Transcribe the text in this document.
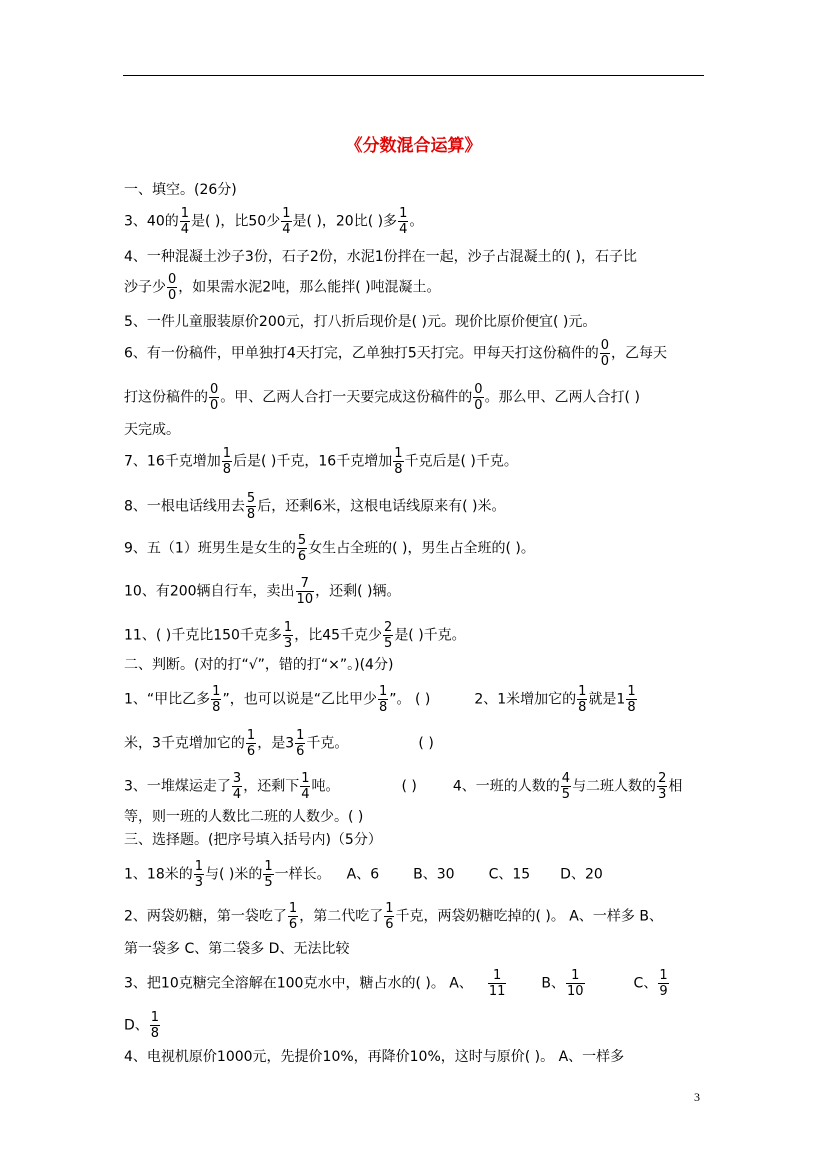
《分数混合运算》
一、填空。(26分)
3、40的 $\frac{1}{4}$ 是( )，比50少 $\frac{1}{4}$ 是( )，20比( )多 $\frac{1}{4}$ 。
4、一种混凝土沙子3份，石子2份，水泥1份拌在一起，沙子占混凝土的( )，石子比
沙子少 $\frac{0}{0}$ ，如果需水泥2吨，那么能拌( )吨混凝土。
5、一件儿童服装原价200元，打八折后现价是( )元。现价比原价便宜( )元。
6、有一份稿件，甲单独打4天打完，乙单独打5天打完。甲每天打这份稿件的 $\frac{0}{0}$ ，乙每天
打这份稿件的 $\frac{0}{0}$ 。甲、乙两人合打一天要完成这份稿件的 $\frac{0}{0}$ 。那么甲、乙两人合打( )
天完成。
7、16千克增加 $\frac{1}{8}$ 后是( )千克，16千克增加 $\frac{1}{8}$ 千克后是( )千克。
8、一根电话线用去 $\frac{5}{8}$ 后，还剩6米，这根电话线原来有( )米。
9、五（1）班男生是女生的 $\frac{5}{6}$ 女生占全班的( )，男生占全班的( )。
10、有200辆自行车，卖出 $\frac{7}{10}$ ，还剩( )辆。
11、( )千克比150千克多 $\frac{1}{3}$ ，比45千克少 $\frac{2}{5}$ 是( )千克。
二、判断。(对的打“√”，错的打“×”。)(4分)
1、“甲比乙多 $\frac{1}{8}$ ”，也可以说是“乙比甲少 $\frac{1}{8}$ ”。 ( )	2、1米增加它的 $\frac{1}{8}$ 就是$1 \frac{1}{8}$
米，3千克增加它的 $\frac{1}{6}$ ，是$3 \frac{1}{6}$ 千克。	( )
3、一堆煤运走了 $\frac{3}{4}$ ，还剩下 $\frac{1}{4}$ 吨。	( )	4、一班的人数的 $\frac{4}{5}$ 与二班人数的 $\frac{2}{3}$ 相
等，则一班的人数比二班的人数少。( )
三、选择题。(把序号填入括号内)（5分）
1、18米的 $\frac{1}{3}$ 与( )米的 $\frac{1}{5}$ 一样长。 A、6 B、30 C、15 D、20
2、两袋奶糖，第一袋吃了 $\frac{1}{6}$ ，第二代吃了 $\frac{1}{6}$ 千克，两袋奶糖吃掉的( )。 A、一样多 B、
第一袋多 C、第二袋多 D、无法比较
3、把10克糖完全溶解在100克水中，糖占水的( )。 A、 $\frac{1}{11}$	B、 $\frac{1}{10}$	C、 $\frac{1}{9}$
D、 $\frac{1}{8}$
4、电视机原价1000元，先提价10%，再降价10%，这时与原价( )。 A、一样多
3
